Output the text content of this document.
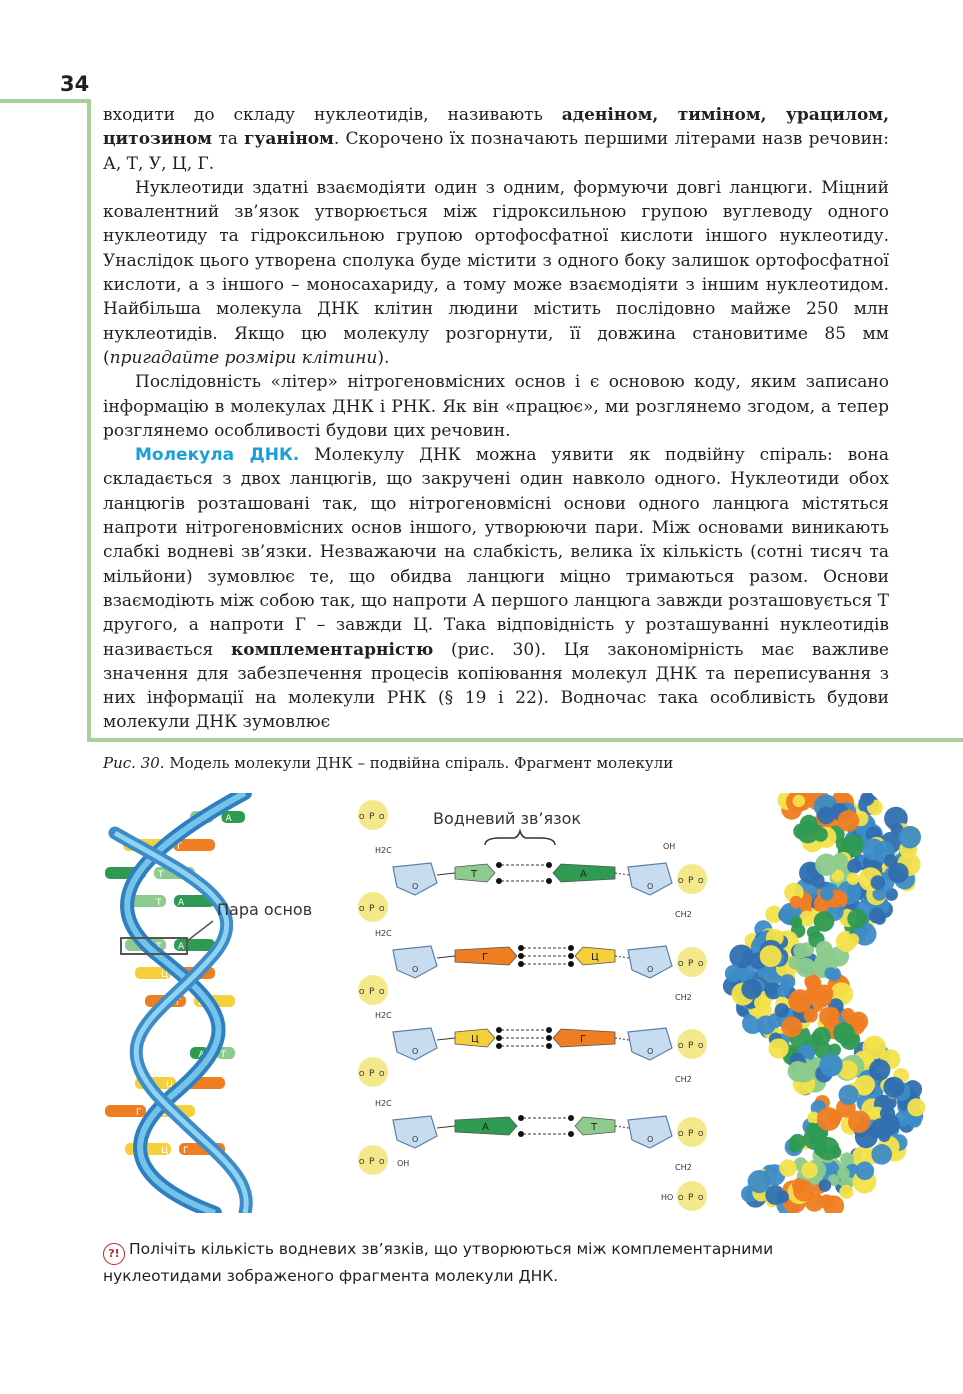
34

входити до складу нуклеотидів, називають аденіном, тиміном, урацилом, цитозином та гуаніном. Скорочено їх позначають першими літерами назв речовин: А, Т, У, Ц, Г.

Нуклеотиди здатні взаємодіяти один з одним, формуючи довгі ланцюги. Міцний ковалентний зв’язок утворюється між гідроксильною групою вуглеводу одного нуклеотиду та гідроксильною групою ортофосфатної кислоти іншого нуклеотиду. Унаслідок цього утворена сполука буде містити з одного боку залишок ортофосфатної кислоти, а з іншого – моносахариду, а тому може взаємодіяти з іншим нуклеотидом. Найбільша молекула ДНК клітин людини містить послідовно майже 250 млн нуклеотидів. Якщо цю молекулу розгорнути, її довжина становитиме 85 мм (пригадайте розміри клітини).

Послідовність «літер» нітрогеновмісних основ і є основою коду, яким записано інформацію в молекулах ДНК і РНК. Як він «працює», ми розглянемо згодом, а тепер розглянемо особливості будови цих речовин.

Молекула ДНК. Молекулу ДНК можна уявити як подвійну спіраль: вона складається з двох ланцюгів, що закручені один навколо одного. Нуклеотиди обох ланцюгів розташовані так, що нітрогеновмісні основи одного ланцюга містяться напроти нітрогеновмісних основ іншого, утворюючи пари. Між основами виникають слабкі водневі зв’язки. Незважаючи на слабкість, велика їх кількість (сотні тисяч та мільйони) зумовлює те, що обидва ланцюги міцно тримаються разом. Основи взаємодіють між собою так, що напроти А першого ланцюга завжди розташовується Т другого, а напроти Г – завжди Ц. Така відповідність у розташуванні нуклеотидів називається комплементарністю (рис. 30). Ця закономірність має важливе значення для забезпечення процесів копіювання молекул ДНК та переписування з них інформації на молекули РНК (§ 19 і 22). Водночас така особливість будови молекули ДНК зумовлює

Рис. 30. Модель молекули ДНК – подвійна спіраль. Фрагмент молекули
А
Ц Г
А Т
Т А
Т А
Ц Г
Г Ц
А Т
Ц Г
Г Ц
Ц Г
Пара основ
Водневий зв’язок
O	O
H2C
CH2
P
O O
P
O O
P
O O
OH
Т	А
O	O
H2C
CH2
P
O O
P
O O
Г	Ц
O	O
H2C
CH2
P
O O
P
O O
Ц	Г
O	O
H2C
CH2
P
O O
P
O O
OH
P
O O
HO
А	Т
?! Полічіть кількість водневих зв’язків, що утворюються між комплементарними нуклеотидами зображеного фрагмента молекули ДНК.
